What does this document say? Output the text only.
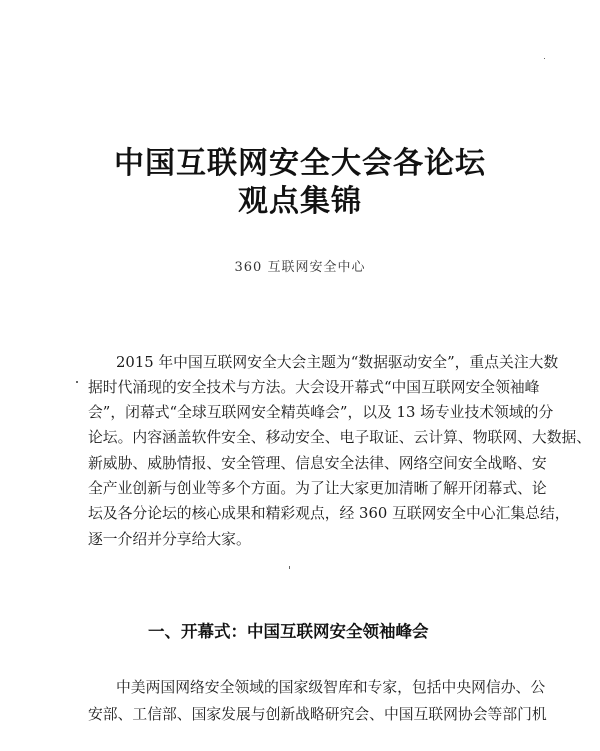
中国互联网安全大会各论坛
观点集锦
360 互联网安全中心
2015 年中国互联网安全大会主题为“数据驱动安全”，重点关注大数
据时代涌现的安全技术与方法。大会设开幕式“中国互联网安全领袖峰
会”，闭幕式“全球互联网安全精英峰会”，以及 13 场专业技术领域的分
论坛。内容涵盖软件安全、移动安全、电子取证、云计算、物联网、大数据、
新威胁、威胁情报、安全管理、信息安全法律、网络空间安全战略、安
全产业创新与创业等多个方面。为了让大家更加清晰了解开闭幕式、论
坛及各分论坛的核心成果和精彩观点，经 360 互联网安全中心汇集总结，
逐一介绍并分享给大家。
一、开幕式：中国互联网安全领袖峰会
中美两国网络安全领域的国家级智库和专家，包括中央网信办、公
安部、工信部、国家发展与创新战略研究会、中国互联网协会等部门机
